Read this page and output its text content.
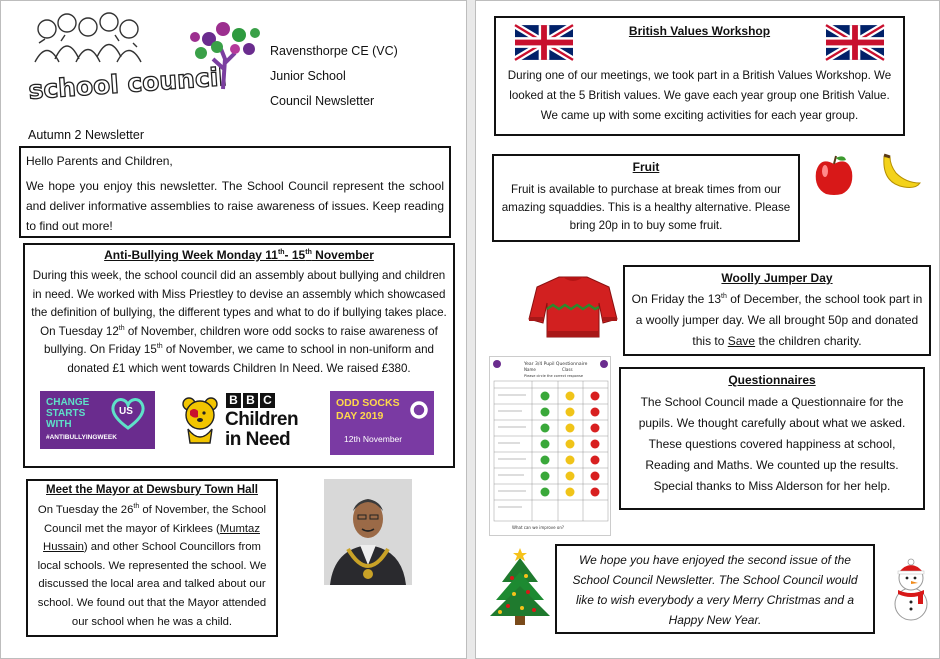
school council
Ravensthorpe CE (VC)
Junior School
Council Newsletter
Autumn 2 Newsletter
Hello Parents and Children,
We hope you enjoy this newsletter. The School Council represent the school and deliver informative assemblies to raise awareness of issues. Keep reading to find out more!
Anti-Bullying Week Monday 11th- 15th November
During this week, the school council did an assembly about bullying and children in need. We worked with Miss Priestley to devise an assembly which showcased the definition of bullying, the different types and what to do if bullying takes place. On Tuesday 12th of November, children wore odd socks to raise awareness of bullying. On Friday 15th of November, we came to school in non-uniform and donated £1 which went towards Children In Need. We raised £380.
CHANGE
STARTS
WITH
US
#ANTIBULLYINGWEEK
B B C
Children
in Need
ODD SOCKS
DAY 2019
12th November
Meet the Mayor at Dewsbury Town Hall
On Tuesday the 26th of November, the School Council met the mayor of Kirklees (Mumtaz Hussain) and other School Councillors from local schools. We represented the school. We discussed the local area and talked about our school. We found out that the Mayor attended our school when he was a child.
British Values Workshop
During one of our meetings, we took part in a British Values Workshop. We looked at the 5 British values. We gave each year group one British Value. We came up with some exciting activities for each year group.
Fruit
Fruit is available to purchase at break times from our amazing squaddies. This is a healthy alternative. Please bring 20p in to buy some fruit.
Woolly Jumper Day
On Friday the 13th of December, the school took part in a woolly jumper day. We all brought 50p and donated this to Save the children charity.
Year 3/4 Pupil Questionnaire
Name	Class
Please circle the correct response
What can we improve on?
Questionnaires
The School Council made a Questionnaire for the pupils. We thought carefully about what we asked. These questions covered happiness at school, Reading and Maths. We counted up the results. Special thanks to Miss Alderson for her help.
We hope you have enjoyed the second issue of the School Council Newsletter. The School Council would like to wish everybody a very Merry Christmas and a Happy New Year.
